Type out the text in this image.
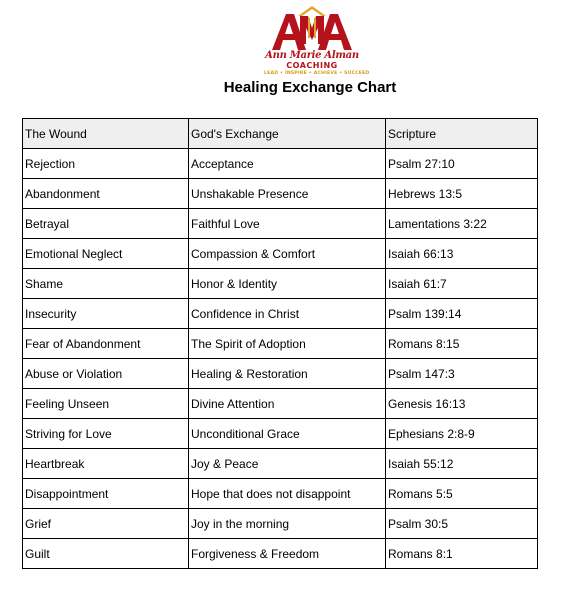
Ann Marie Alman
COACHING
LEAD • INSPIRE • ACHIEVE • SUCCEED
Healing Exchange Chart
The Wound	God's Exchange	Scripture
Rejection	Acceptance	Psalm 27:10
Abandonment	Unshakable Presence	Hebrews 13:5
Betrayal	Faithful Love	Lamentations 3:22
Emotional Neglect	Compassion & Comfort	Isaiah 66:13
Shame	Honor & Identity	Isaiah 61:7
Insecurity	Confidence in Christ	Psalm 139:14
Fear of Abandonment	The Spirit of Adoption	Romans 8:15
Abuse or Violation	Healing & Restoration	Psalm 147:3
Feeling Unseen	Divine Attention	Genesis 16:13
Striving for Love	Unconditional Grace	Ephesians 2:8-9
Heartbreak	Joy & Peace	Isaiah 55:12
Disappointment	Hope that does not disappoint	Romans 5:5
Grief	Joy in the morning	Psalm 30:5
Guilt	Forgiveness & Freedom	Romans 8:1
